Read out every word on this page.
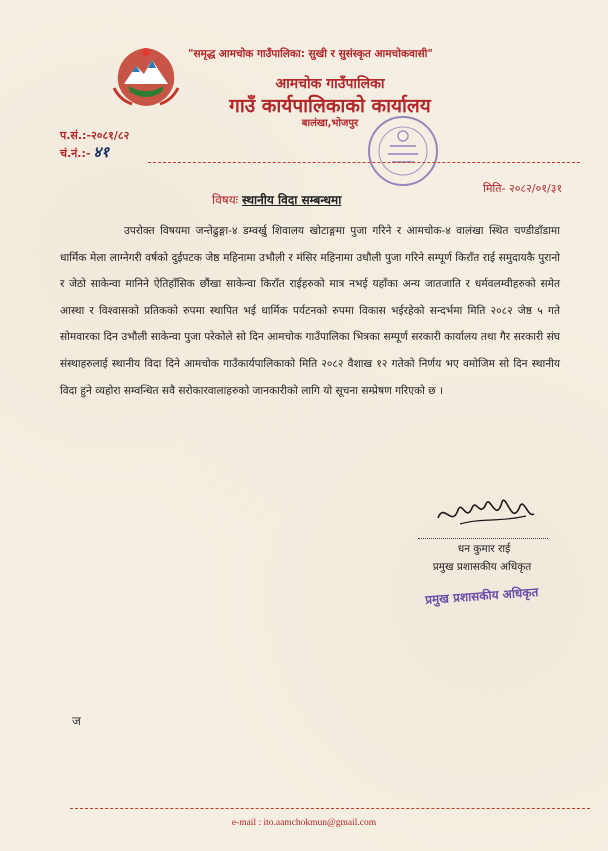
"समृद्ध आमचोक गाउँपालिका: सुखी र सुसंस्कृत आमचोकवासी"
आमचोक गाउँपालिका
गाउँ कार्यपालिकाको कार्यालय
बालंखा,भोजपुर
प.सं.:-२०८१/८२
चं.नं.:- ४१
मिति- २०८२/०१/३१
विषयः स्थानीय विदा सम्बन्धमा
उपरोक्त विषयमा जन्तेढुङ्गा-४ डम्वर्खु शिवालय खोटाङ्गमा पुजा गरिने र आमचोक-४ वालंखा स्थित चण्डीडाँडामा धार्मिक मेला लाग्नेगरी वर्षको दुईपटक जेष्ठ महिनामा उभौली र मंसिर महिनामा उधौली पुजा गरिने सम्पूर्ण किराँत राई समुदायकै पुरानो र जेठो साकेन्वा मानिने ऐतिहाँसिक छौंखा साकेन्वा किराँत राईहरुको मात्र नभई यहाँका अन्य जातजाति र धर्मवलम्वीहरुको समेत आस्था र विश्वासको प्रतिकको रुपमा स्थापित भई धार्मिक पर्यटनको रुपमा विकास भईरहेको सन्दर्भमा मिति २०८२ जेष्ठ ५ गते सोमवारका दिन उभौली साकेन्वा पुजा परेकोले सो दिन आमचोक गाउँपालिका भित्रका सम्पूर्ण सरकारी कार्यालय तथा गैर सरकारी संघ संस्थाहरुलाई स्थानीय विदा दिने आमचोक गाउँकार्यपालिकाको मिति २०८२ वैशाख १२ गतेको निर्णय भए वमोजिम सो दिन स्थानीय विदा हुने व्यहोरा सम्वन्धित सवै सरोकारवालाहरुको जानकारीको लागि यो सूचना सम्प्रेषण गरिएको छ ।
धन कुमार राई
प्रमुख प्रशासकीय अधिकृत
प्रमुख प्रशासकीय अधिकृत
ज
e-mail : ito.aamchokmun@gmail.com
